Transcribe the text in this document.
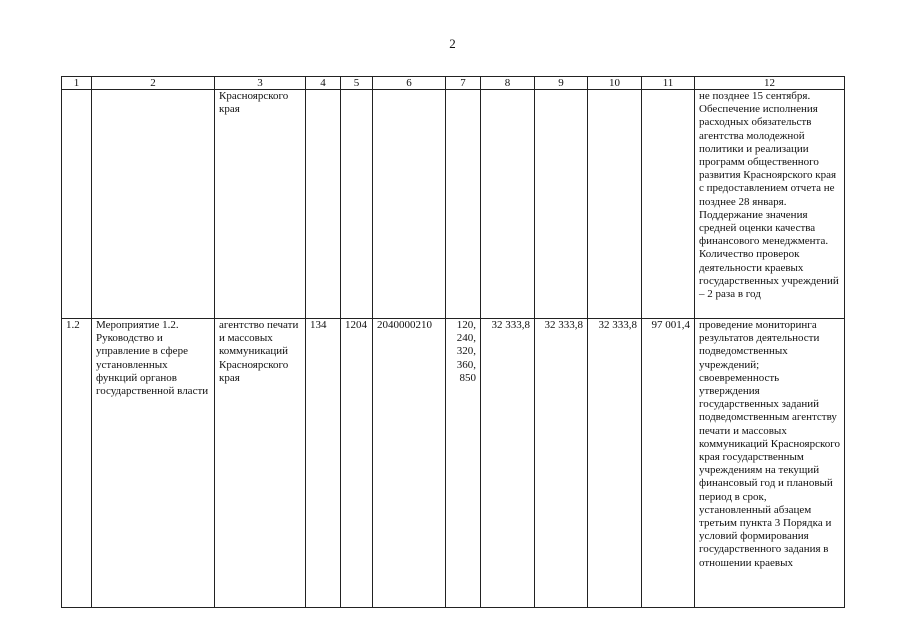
2
1	2	3	4	5	6	7	8	9	10	11	12
		Красноярского края									не позднее 15 сентября. Обеспечение исполнения расходных обязательств агентства молодежной политики и реализации программ общественного развития Красноярского края с предоставлением отчета не позднее 28 января. Поддержание значения средней оценки качества финансового менеджмента. Количество проверок деятельности краевых государственных учреждений – 2 раза в год
1.2	Мероприятие 1.2. Руководство и управление в сфере установленных функций органов государственной власти	агентство печати и массовых коммуникаций Красноярского края	134	1204	2040000210	120, 240, 320, 360, 850	32 333,8	32 333,8	32 333,8	97 001,4	проведение мониторинга результатов деятельности подведомственных учреждений; своевременность утверждения государственных заданий подведомственным агентству печати и массовых коммуникаций Красноярского края государственным учреждениям на текущий финансовый год и плановый период в срок, установленный абзацем третьим пункта 3 Порядка и условий формирования государственного задания в отношении краевых
